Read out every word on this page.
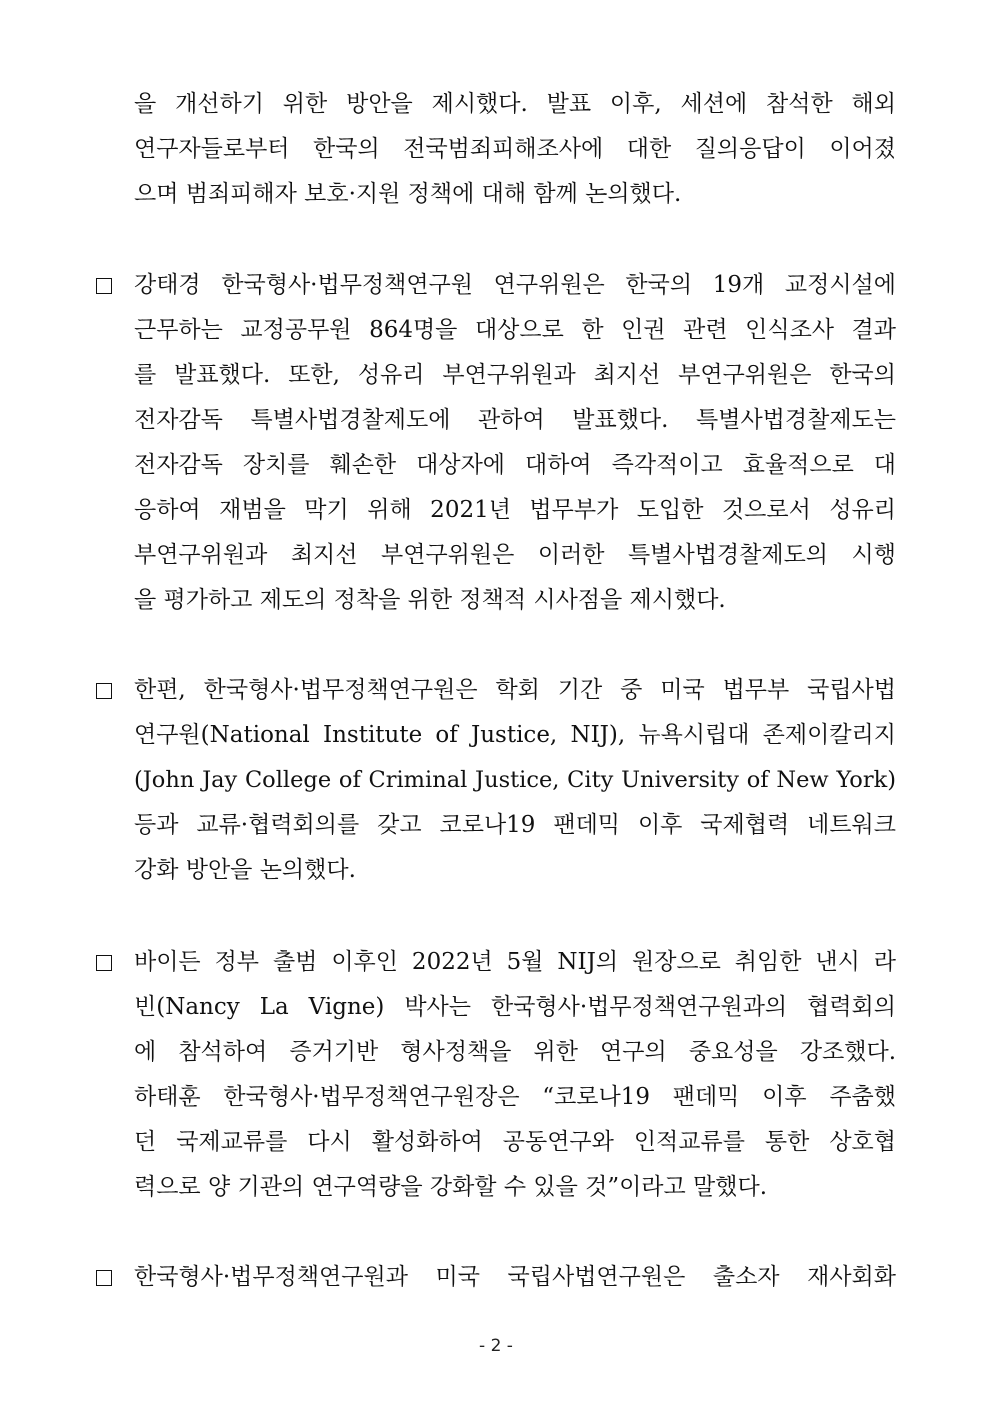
을 개선하기 위한 방안을 제시했다. 발표 이후, 세션에 참석한 해외
연구자들로부터 한국의 전국범죄피해조사에 대한 질의응답이 이어졌
으며 범죄피해자 보호·지원 정책에 대해 함께 논의했다.
강태경 한국형사·법무정책연구원 연구위원은 한국의 19개 교정시설에
근무하는 교정공무원 864명을 대상으로 한 인권 관련 인식조사 결과
를 발표했다. 또한, 성유리 부연구위원과 최지선 부연구위원은 한국의
전자감독 특별사법경찰제도에 관하여 발표했다. 특별사법경찰제도는
전자감독 장치를 훼손한 대상자에 대하여 즉각적이고 효율적으로 대
응하여 재범을 막기 위해 2021년 법무부가 도입한 것으로서 성유리
부연구위원과 최지선 부연구위원은 이러한 특별사법경찰제도의 시행
을 평가하고 제도의 정착을 위한 정책적 시사점을 제시했다.
한편, 한국형사·법무정책연구원은 학회 기간 중 미국 법무부 국립사법
연구원(National Institute of Justice, NIJ), 뉴욕시립대 존제이칼리지
(John Jay College of Criminal Justice, City University of New York)
등과 교류·협력회의를 갖고 코로나19 팬데믹 이후 국제협력 네트워크
강화 방안을 논의했다.
바이든 정부 출범 이후인 2022년 5월 NIJ의 원장으로 취임한 낸시 라
빈(Nancy La Vigne) 박사는 한국형사·법무정책연구원과의 협력회의
에 참석하여 증거기반 형사정책을 위한 연구의 중요성을 강조했다.
하태훈 한국형사·법무정책연구원장은 “코로나19 팬데믹 이후 주춤했
던 국제교류를 다시 활성화하여 공동연구와 인적교류를 통한 상호협
력으로 양 기관의 연구역량을 강화할 수 있을 것”이라고 말했다.
한국형사·법무정책연구원과 미국 국립사법연구원은 출소자 재사회화
- 2 -
